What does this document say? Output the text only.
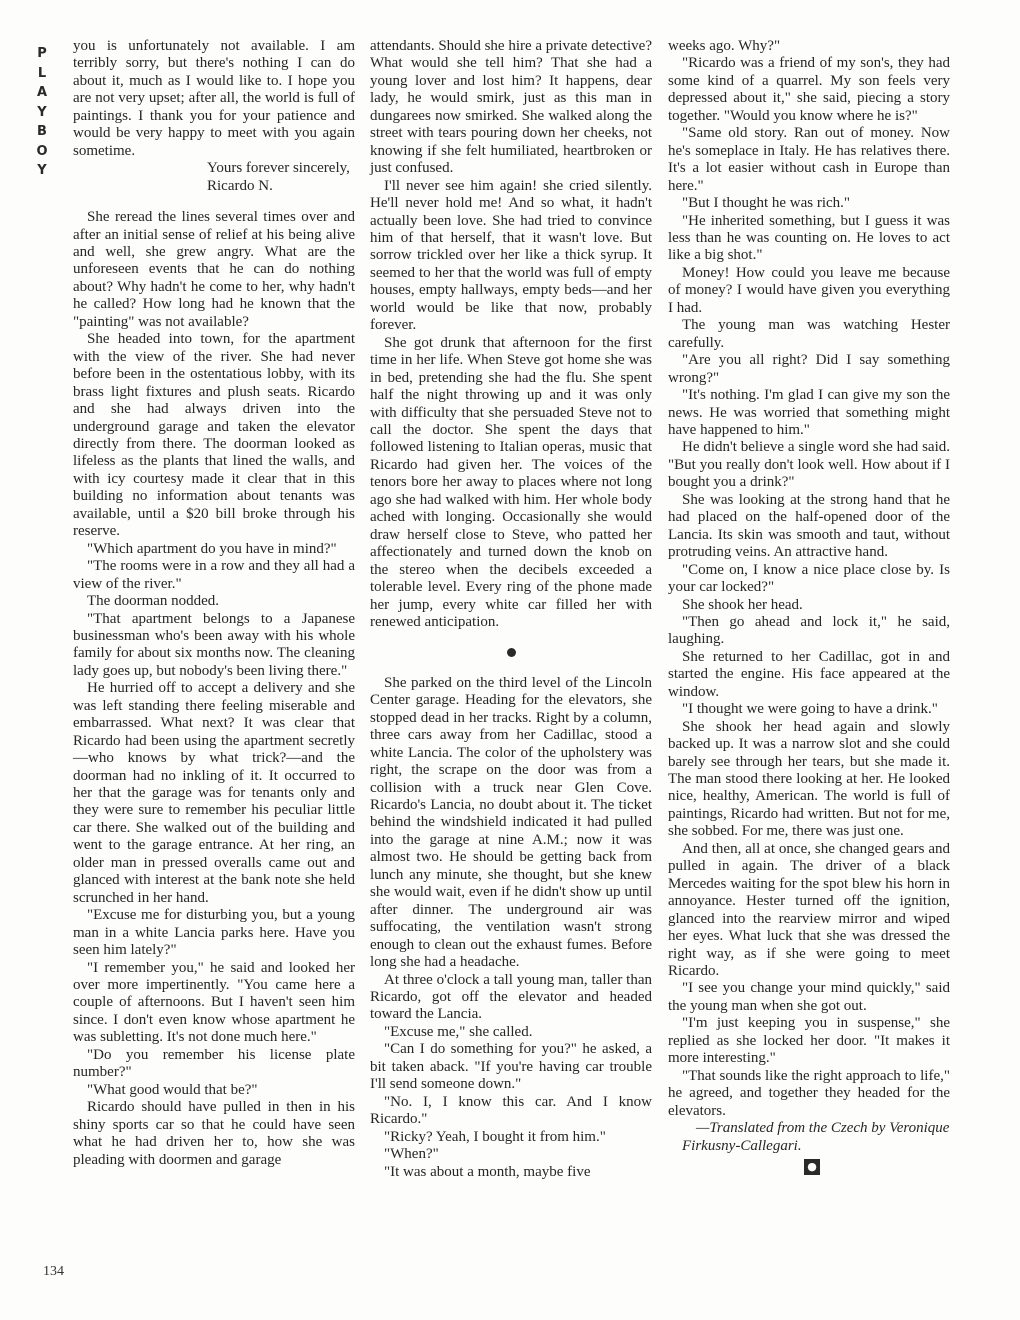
P
L
A
Y
B
O
Y

you is unfortunately not available. I am terribly sorry, but there's nothing I can do about it, much as I would like to. I hope you are not very upset; after all, the world is full of paintings. I thank you for your patience and would be very happy to meet with you again sometime.

Yours forever sincerely,

Ricardo N.

She reread the lines several times over and after an initial sense of relief at his being alive and well, she grew angry. What are the unforeseen events that he can do nothing about? Why hadn't he come to her, why hadn't he called? How long had he known that the "painting" was not available?

She headed into town, for the apartment with the view of the river. She had never before been in the ostentatious lobby, with its brass light fixtures and plush seats. Ricardo and she had always driven into the underground garage and taken the elevator directly from there. The doorman looked as lifeless as the plants that lined the walls, and with icy courtesy made it clear that in this building no information about tenants was available, until a $20 bill broke through his reserve.

"Which apartment do you have in mind?"

"The rooms were in a row and they all had a view of the river."

The doorman nodded.

"That apartment belongs to a Japanese businessman who's been away with his whole family for about six months now. The cleaning lady goes up, but nobody's been living there."

He hurried off to accept a delivery and she was left standing there feeling miserable and embarrassed. What next? It was clear that Ricardo had been using the apartment secretly—who knows by what trick?—and the doorman had no inkling of it. It occurred to her that the garage was for tenants only and they were sure to remember his peculiar little car there. She walked out of the building and went to the garage entrance. At her ring, an older man in pressed overalls came out and glanced with interest at the bank note she held scrunched in her hand.

"Excuse me for disturbing you, but a young man in a white Lancia parks here. Have you seen him lately?"

"I remember you," he said and looked her over more impertinently. "You came here a couple of afternoons. But I haven't seen him since. I don't even know whose apartment he was subletting. It's not done much here."

"Do you remember his license plate number?"

"What good would that be?"

Ricardo should have pulled in then in his shiny sports car so that he could have seen what he had driven her to, how she was pleading with doormen and garage

attendants. Should she hire a private detective? What would she tell him? That she had a young lover and lost him? It happens, dear lady, he would smirk, just as this man in dungarees now smirked. She walked along the street with tears pouring down her cheeks, not knowing if she felt humiliated, heartbroken or just confused.

I'll never see him again! she cried silently. He'll never hold me! And so what, it hadn't actually been love. She had tried to convince him of that herself, that it wasn't love. But sorrow trickled over her like a thick syrup. It seemed to her that the world was full of empty houses, empty hallways, empty beds—and her world would be like that now, probably forever.

She got drunk that afternoon for the first time in her life. When Steve got home she was in bed, pretending she had the flu. She spent half the night throwing up and it was only with difficulty that she persuaded Steve not to call the doctor. She spent the days that followed listening to Italian operas, music that Ricardo had given her. The voices of the tenors bore her away to places where not long ago she had walked with him. Her whole body ached with longing. Occasionally she would draw herself close to Steve, who patted her affectionately and turned down the knob on the stereo when the decibels exceeded a tolerable level. Every ring of the phone made her jump, every white car filled her with renewed anticipation.

She parked on the third level of the Lincoln Center garage. Heading for the elevators, she stopped dead in her tracks. Right by a column, three cars away from her Cadillac, stood a white Lancia. The color of the upholstery was right, the scrape on the door was from a collision with a truck near Glen Cove. Ricardo's Lancia, no doubt about it. The ticket behind the windshield indicated it had pulled into the garage at nine A.M.; now it was almost two. He should be getting back from lunch any minute, she thought, but she knew she would wait, even if he didn't show up until after dinner. The underground air was suffocating, the ventilation wasn't strong enough to clean out the exhaust fumes. Before long she had a headache.

At three o'clock a tall young man, taller than Ricardo, got off the elevator and headed toward the Lancia.

"Excuse me," she called.

"Can I do something for you?" he asked, a bit taken aback. "If you're having car trouble I'll send someone down."

"No. I, I know this car. And I know Ricardo."

"Ricky? Yeah, I bought it from him."

"When?"

"It was about a month, maybe five

weeks ago. Why?"

"Ricardo was a friend of my son's, they had some kind of a quarrel. My son feels very depressed about it," she said, piecing a story together. "Would you know where he is?"

"Same old story. Ran out of money. Now he's someplace in Italy. He has relatives there. It's a lot easier without cash in Europe than here."

"But I thought he was rich."

"He inherited something, but I guess it was less than he was counting on. He loves to act like a big shot."

Money! How could you leave me because of money? I would have given you everything I had.

The young man was watching Hester carefully.

"Are you all right? Did I say something wrong?"

"It's nothing. I'm glad I can give my son the news. He was worried that something might have happened to him."

He didn't believe a single word she had said. "But you really don't look well. How about if I bought you a drink?"

She was looking at the strong hand that he had placed on the half-opened door of the Lancia. Its skin was smooth and taut, without protruding veins. An attractive hand.

"Come on, I know a nice place close by. Is your car locked?"

She shook her head.

"Then go ahead and lock it," he said, laughing.

She returned to her Cadillac, got in and started the engine. His face appeared at the window.

"I thought we were going to have a drink."

She shook her head again and slowly backed up. It was a narrow slot and she could barely see through her tears, but she made it. The man stood there looking at her. He looked nice, healthy, American. The world is full of paintings, Ricardo had written. But not for me, she sobbed. For me, there was just one.

And then, all at once, she changed gears and pulled in again. The driver of a black Mercedes waiting for the spot blew his horn in annoyance. Hester turned off the ignition, glanced into the rearview mirror and wiped her eyes. What luck that she was dressed the right way, as if she were going to meet Ricardo.

"I see you change your mind quickly," said the young man when she got out.

"I'm just keeping you in suspense," she replied as she locked her door. "It makes it more interesting."

"That sounds like the right approach to life," he agreed, and together they headed for the elevators.

—Translated from the Czech by Veronique Firkusny-Callegari.

●
134
